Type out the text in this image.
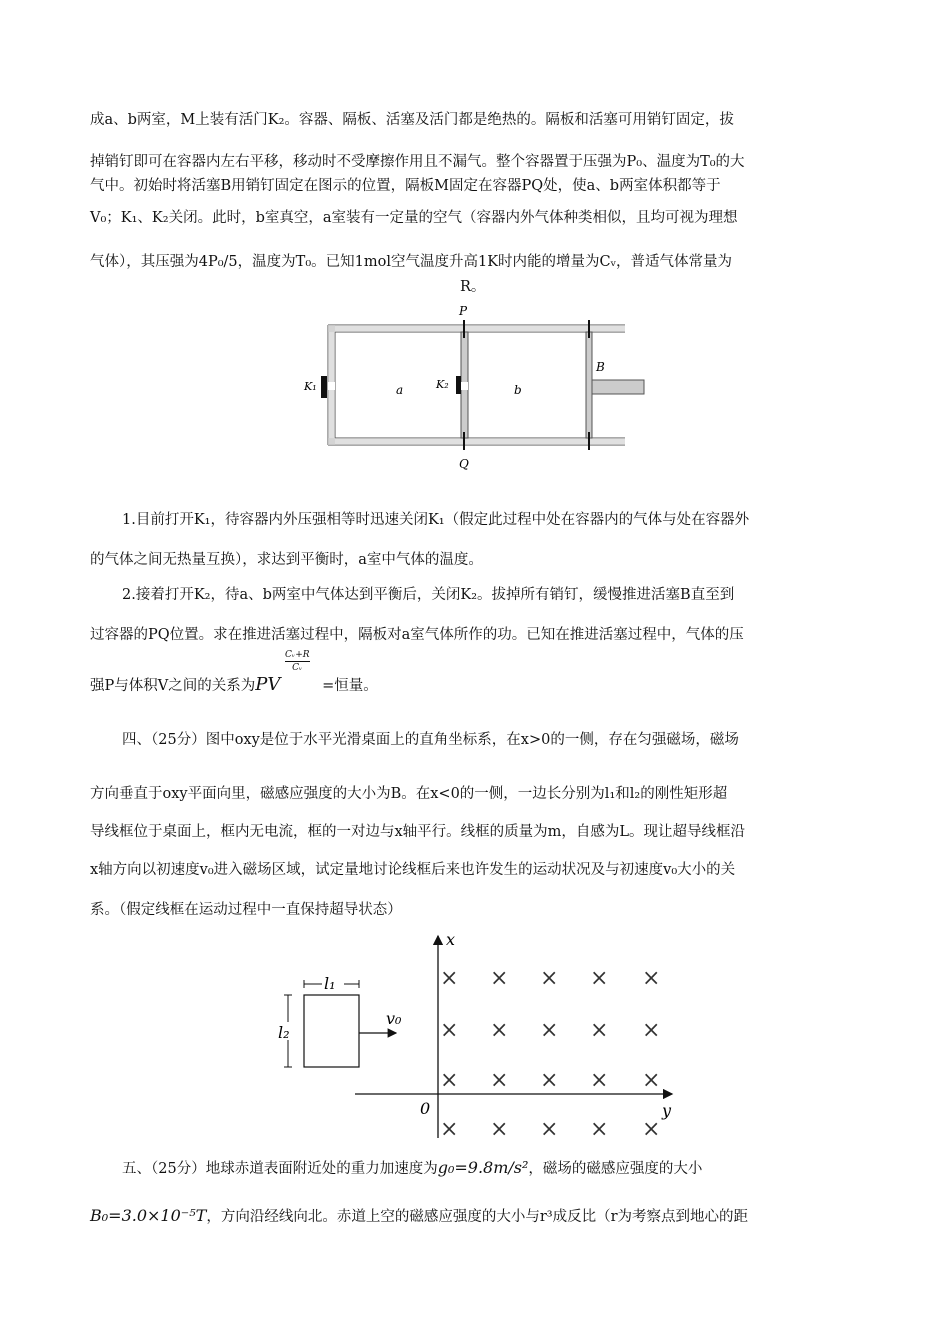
成a、b两室，M上装有活门K₂。容器、隔板、活塞及活门都是绝热的。隔板和活塞可用销钉固定，拔
掉销钉即可在容器内左右平移，移动时不受摩擦作用且不漏气。整个容器置于压强为P₀、温度为T₀的大
气中。初始时将活塞B用销钉固定在图示的位置，隔板M固定在容器PQ处，使a、b两室体积都等于
V₀；K₁、K₂关闭。此时，b室真空，a室装有一定量的空气（容器内外气体种类相似，且均可视为理想
气体），其压强为4P₀/5，温度为T₀。已知1mol空气温度升高1K时内能的增量为Cᵥ，普适气体常量为
R。
P
Q
B
K₁	K₂
a	b
1.目前打开K₁，待容器内外压强相等时迅速关闭K₁（假定此过程中处在容器内的气体与处在容器外
的气体之间无热量互换），求达到平衡时，a室中气体的温度。
2.接着打开K₂，待a、b两室中气体达到平衡后，关闭K₂。拔掉所有销钉，缓慢推进活塞B直至到
过容器的PQ位置。求在推进活塞过程中，隔板对a室气体所作的功。已知在推进活塞过程中，气体的压
强P与体积V之间的关系为PV
$\frac{\text{Cᵥ+R}}{\text{Cᵥ}}$
=恒量。
四、（25分）图中oxy是位于水平光滑桌面上的直角坐标系，在x>0的一侧，存在匀强磁场，磁场
方向垂直于oxy平面向里，磁感应强度的大小为B。在x<0的一侧，一边长分别为l₁和l₂的刚性矩形超
导线框位于桌面上，框内无电流，框的一对边与x轴平行。线框的质量为m，自感为L。现让超导线框沿
x轴方向以初速度v₀进入磁场区域，试定量地讨论线框后来也许发生的运动状况及与初速度v₀大小的关
系。（假定线框在运动过程中一直保持超导状态）
x
y
0
× × × × ×
× × × × ×
× × × × ×
× × × × ×
l₁
l₂
v₀
五、（25分）地球赤道表面附近处的重力加速度为g₀=9.8m/s²，磁场的磁感应强度的大小
B₀=3.0×10⁻⁵T，方向沿经线向北。赤道上空的磁感应强度的大小与r³成反比（r为考察点到地心的距
